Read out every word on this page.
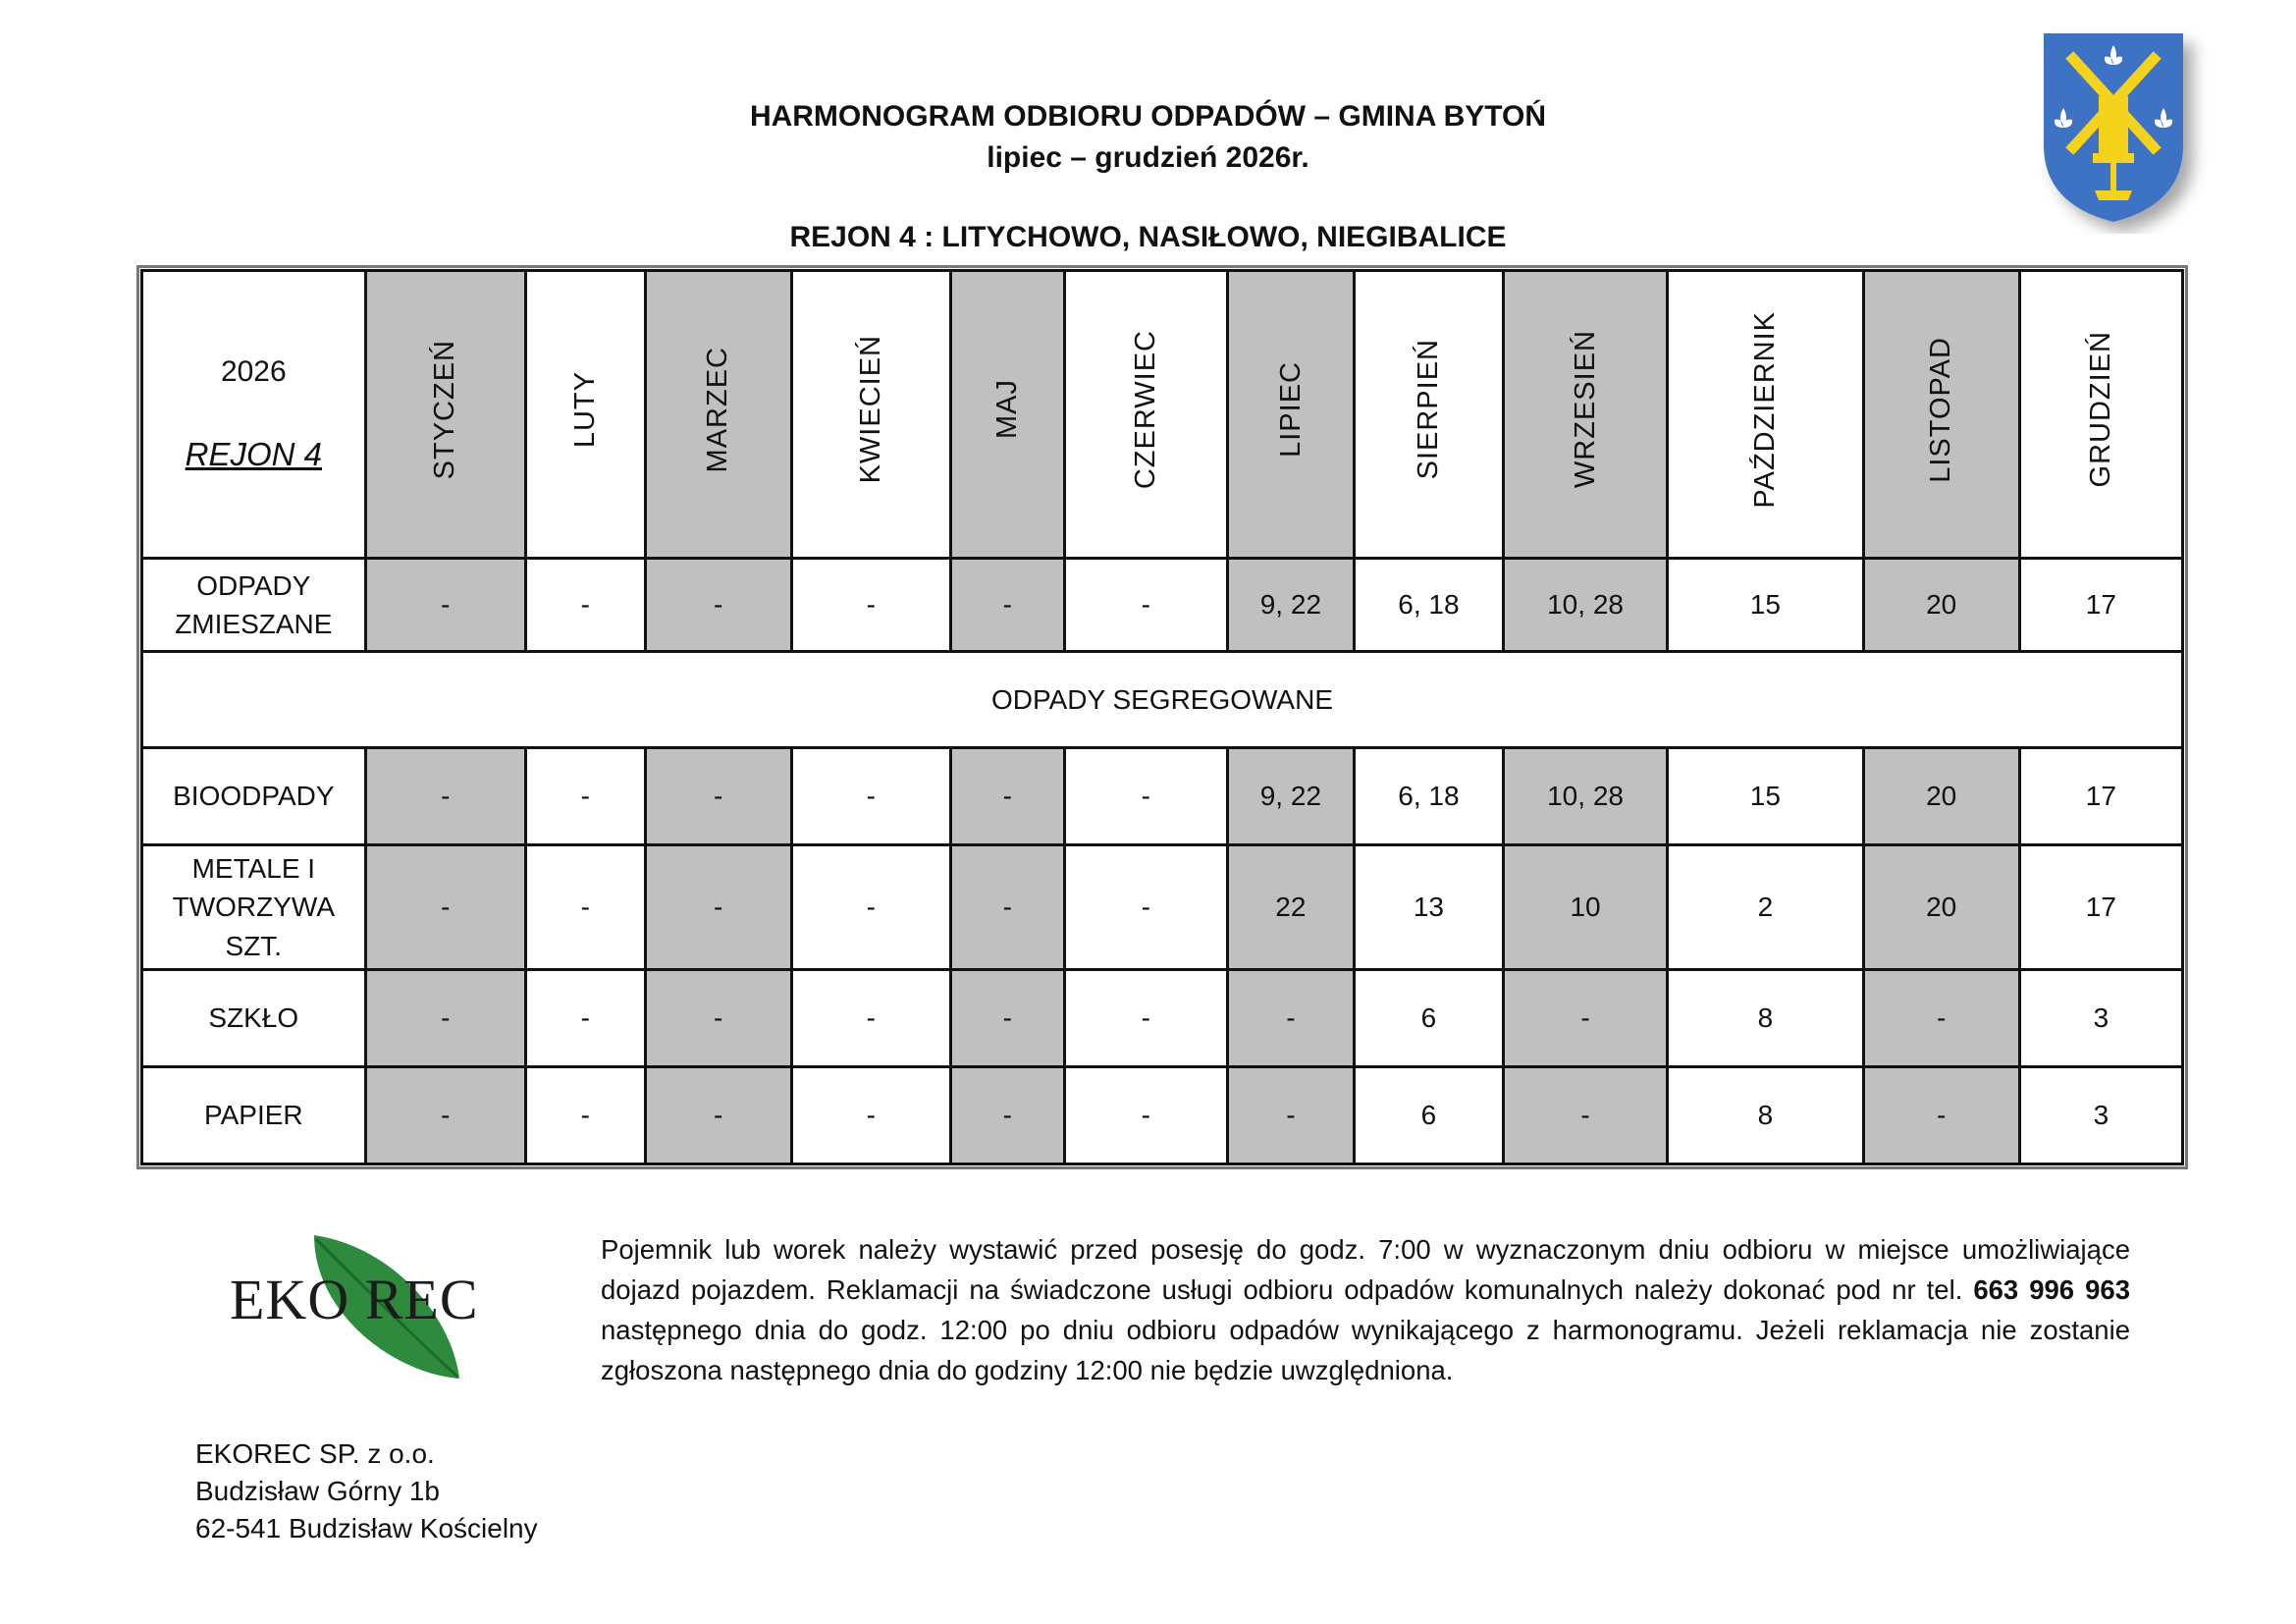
HARMONOGRAM ODBIORU ODPADÓW – GMINA BYTOŃ
lipiec – grudzień 2026r.
REJON 4 : LITYCHOWO, NASIŁOWO, NIEGIBALICE
2026
REJON 4	STYCZEŃ	LUTY	MARZEC	KWIECIEŃ	MAJ	CZERWIEC	LIPIEC	SIERPIEŃ	WRZESIEŃ	PAŹDZIERNIK	LISTOPAD	GRUDZIEŃ
ODPADY ZMIESZANE	-	-	-	-	-	-	9, 22	6, 18	10, 28	15	20	17
ODPADY SEGREGOWANE												
BIOODPADY	-	-	-	-	-	-	9, 22	6, 18	10, 28	15	20	17
METALE I TWORZYWA SZT.	-	-	-	-	-	-	22	13	10	2	20	17
SZKŁO	-	-	-	-	-	-	-	6	-	8	-	3
PAPIER	-	-	-	-	-	-	-	6	-	8	-	3
EKO REC
Pojemnik lub worek należy wystawić przed posesję do godz. 7:00 w wyznaczonym dniu odbioru w miejsce umożliwiające dojazd pojazdem. Reklamacji na świadczone usługi odbioru odpadów komunalnych należy dokonać pod nr tel. 663 996 963 następnego dnia do godz. 12:00 po dniu odbioru odpadów wynikającego z harmonogramu. Jeżeli reklamacja nie zostanie zgłoszona następnego dnia do godziny 12:00 nie będzie uwzględniona.
EKOREC SP. z o.o.
Budzisław Górny 1b
62-541 Budzisław Kościelny
